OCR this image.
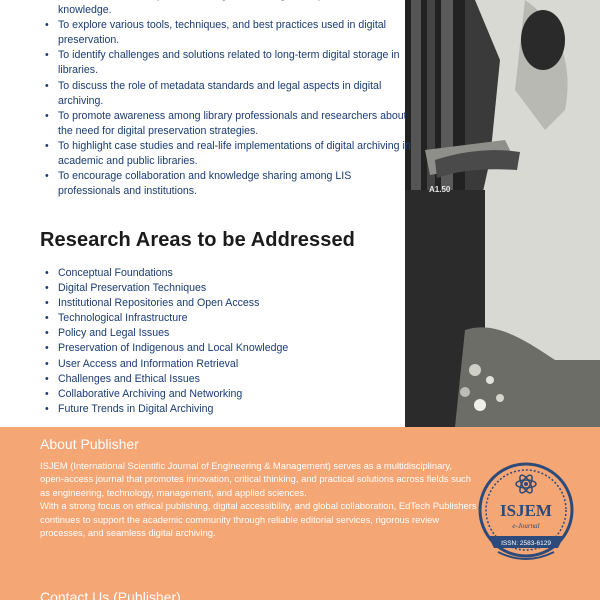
A1.50
• knowledge.
• To explore various tools, techniques, and best practices used in digital preservation.
• To identify challenges and solutions related to long-term digital storage in libraries.
• To discuss the role of metadata standards and legal aspects in digital archiving.
• To promote awareness among library professionals and researchers about the need for digital preservation strategies.
• To highlight case studies and real-life implementations of digital archiving in academic and public libraries.
• To encourage collaboration and knowledge sharing among LIS professionals and institutions.
Research Areas to be Addressed
• Conceptual Foundations
• Digital Preservation Techniques
• Institutional Repositories and Open Access
• Technological Infrastructure
• Policy and Legal Issues
• Preservation of Indigenous and Local Knowledge
• User Access and Information Retrieval
• Challenges and Ethical Issues
• Collaborative Archiving and Networking
• Future Trends in Digital Archiving
About Publisher
ISJEM (International Scientific Journal of Engineering & Management) serves as a multidisciplinary, open-access journal that promotes innovation, critical thinking, and practical solutions across fields such as engineering, technology, management, and applied sciences.
With a strong focus on ethical publishing, digital accessibility, and global collaboration, EdTech Publishers continues to support the academic community through reliable editorial services, rigorous review processes, and seamless digital archiving.
Contact Us (Publisher)
ISJEM
e-Journal
ISSN: 2583-6129
